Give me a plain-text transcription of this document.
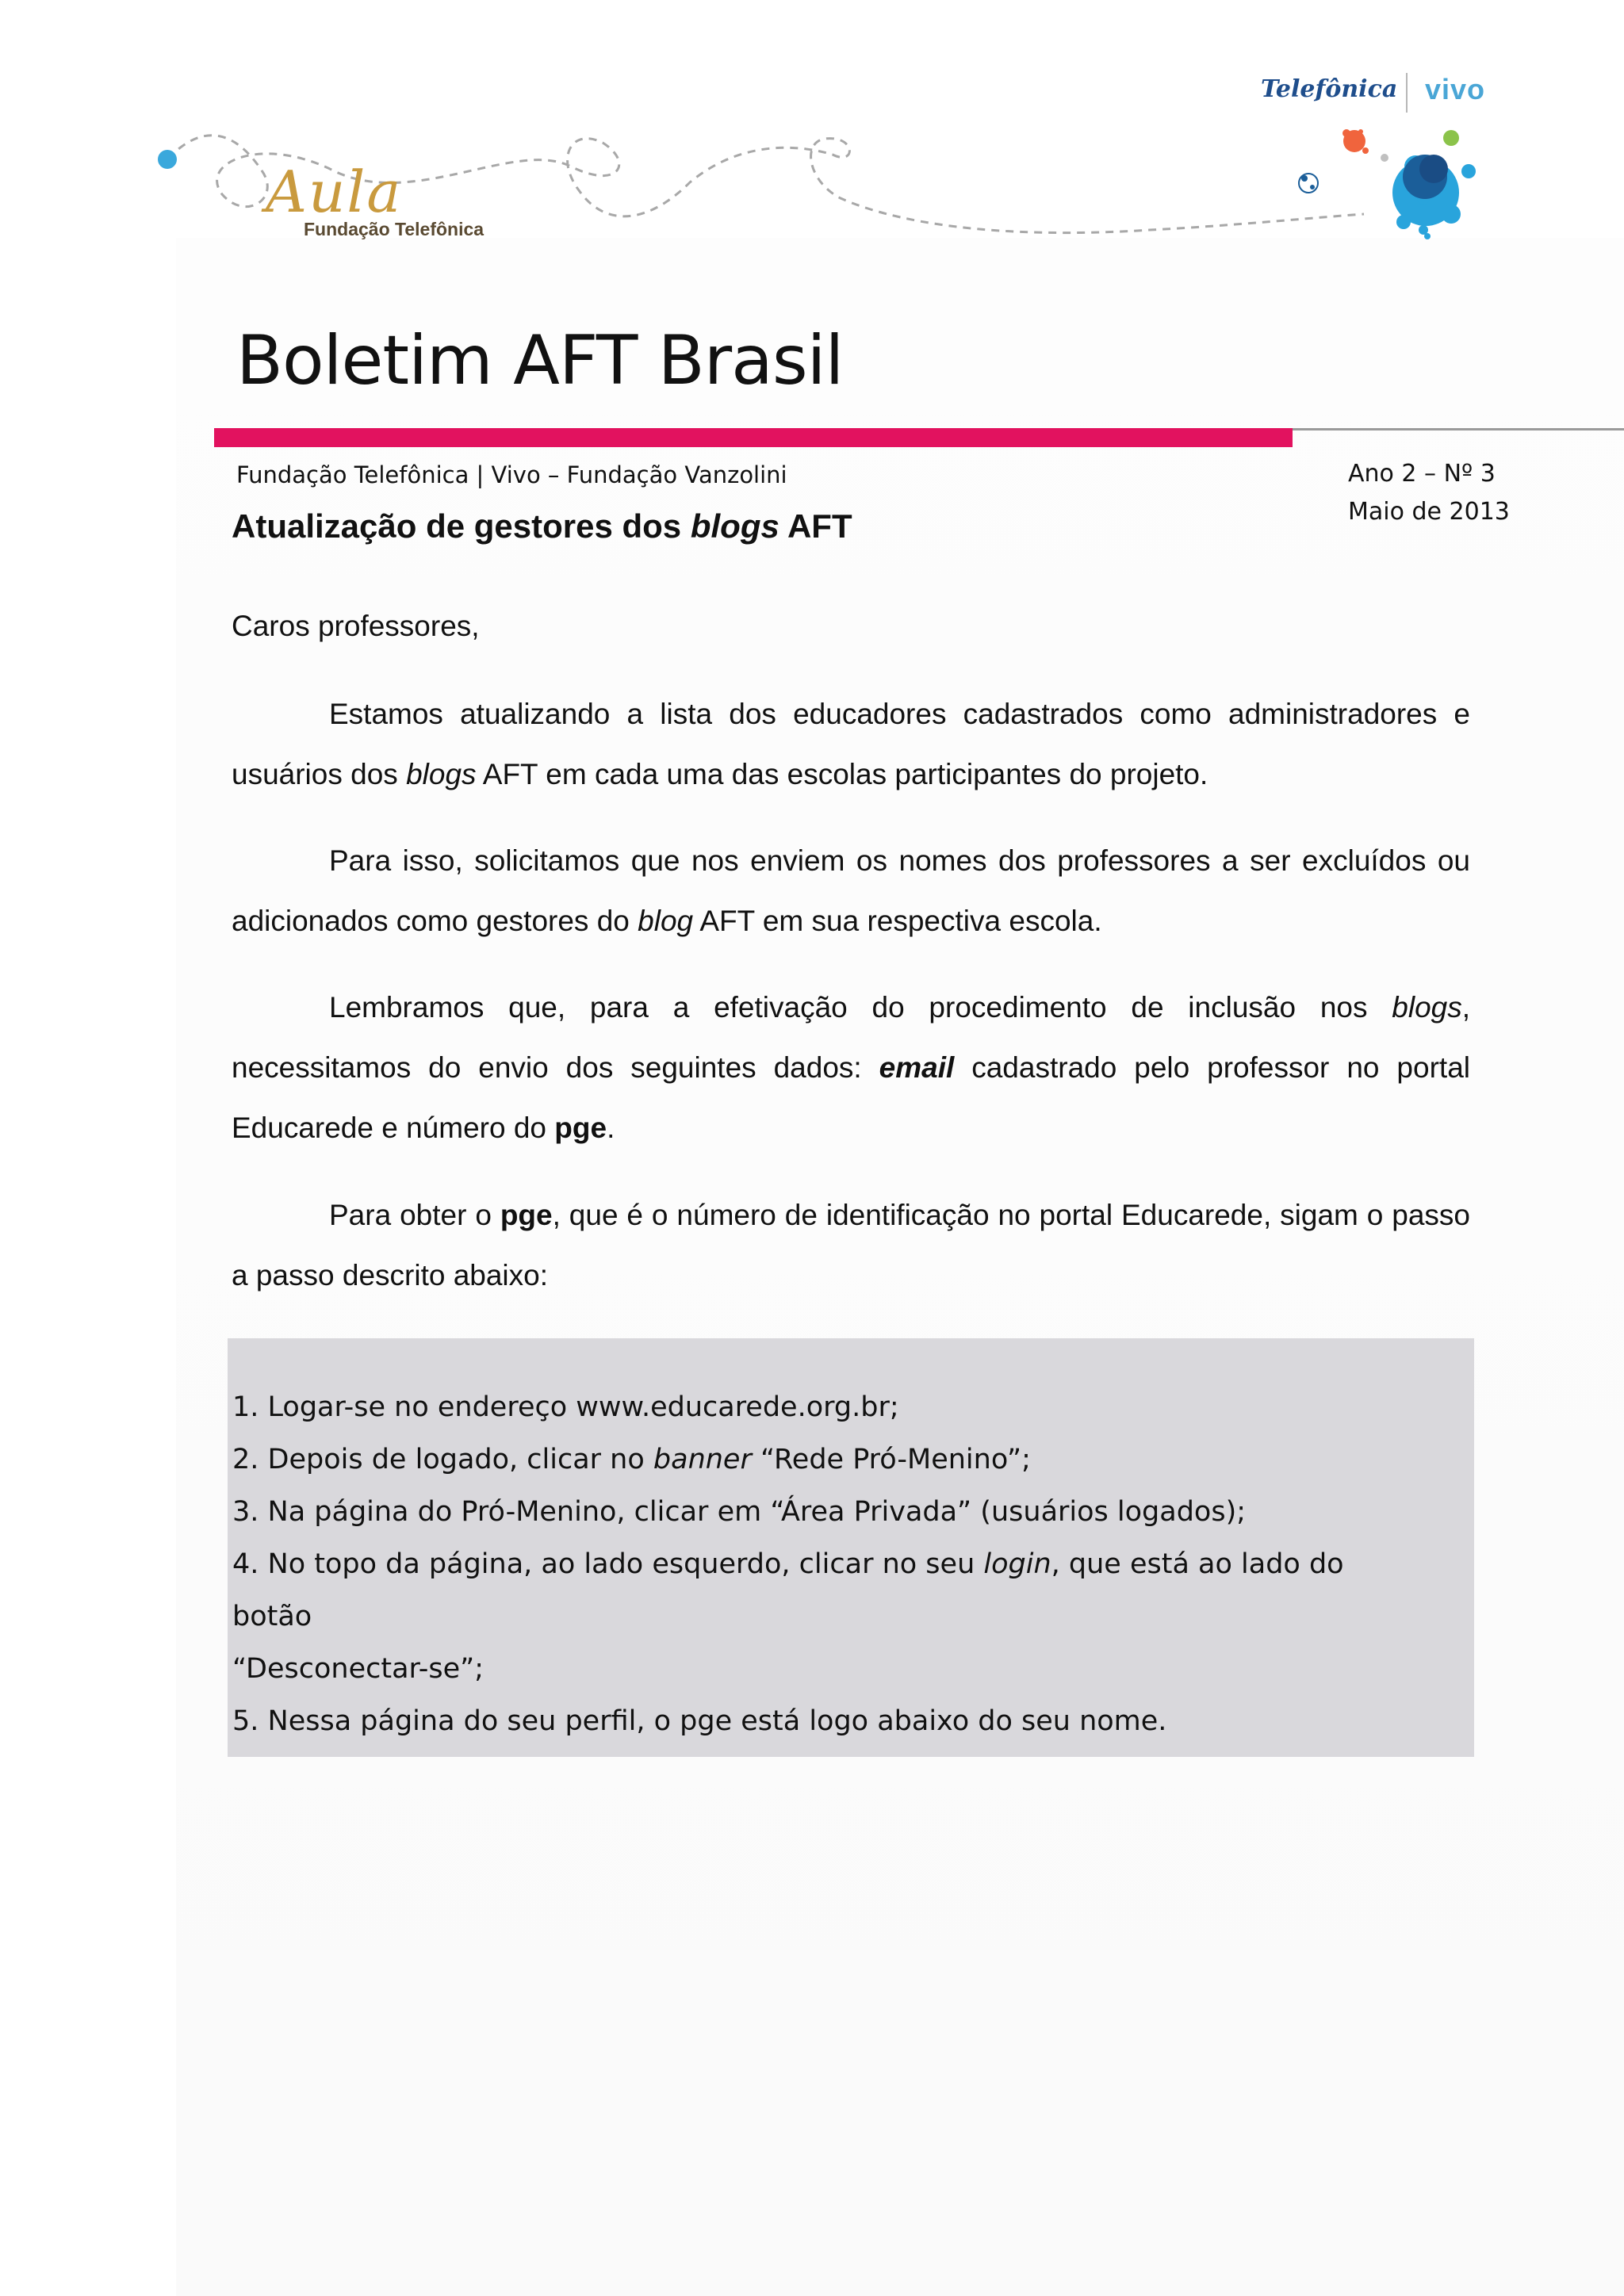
Aula
Fundação Telefônica
Telefônica vivo
Boletim AFT Brasil
Fundação Telefônica | Vivo – Fundação Vanzolini	Ano 2 – Nº 3
Maio de 2013
Atualização de gestores dos blogs AFT
Caros professores,

Estamos atualizando a lista dos educadores cadastrados como administradores e usuários dos blogs AFT em cada uma das escolas participantes do projeto.

Para isso, solicitamos que nos enviem os nomes dos professores a ser excluídos ou adicionados como gestores do blog AFT em sua respectiva escola.

Lembramos que, para a efetivação do procedimento de inclusão nos blogs, necessitamos do envio dos seguintes dados: email cadastrado pelo professor no portal Educarede e número do pge.

Para obter o pge, que é o número de identificação no portal Educarede, sigam o passo a passo descrito abaixo:

1. Logar-se no endereço www.educarede.org.br;
2. Depois de logado, clicar no banner “Rede Pró-Menino”;
3. Na página do Pró-Menino, clicar em “Área Privada” (usuários logados);
4. No topo da página, ao lado esquerdo, clicar no seu login, que está ao lado do botão
“Desconectar-se”;
5. Nessa página do seu perfil, o pge está logo abaixo do seu nome.
